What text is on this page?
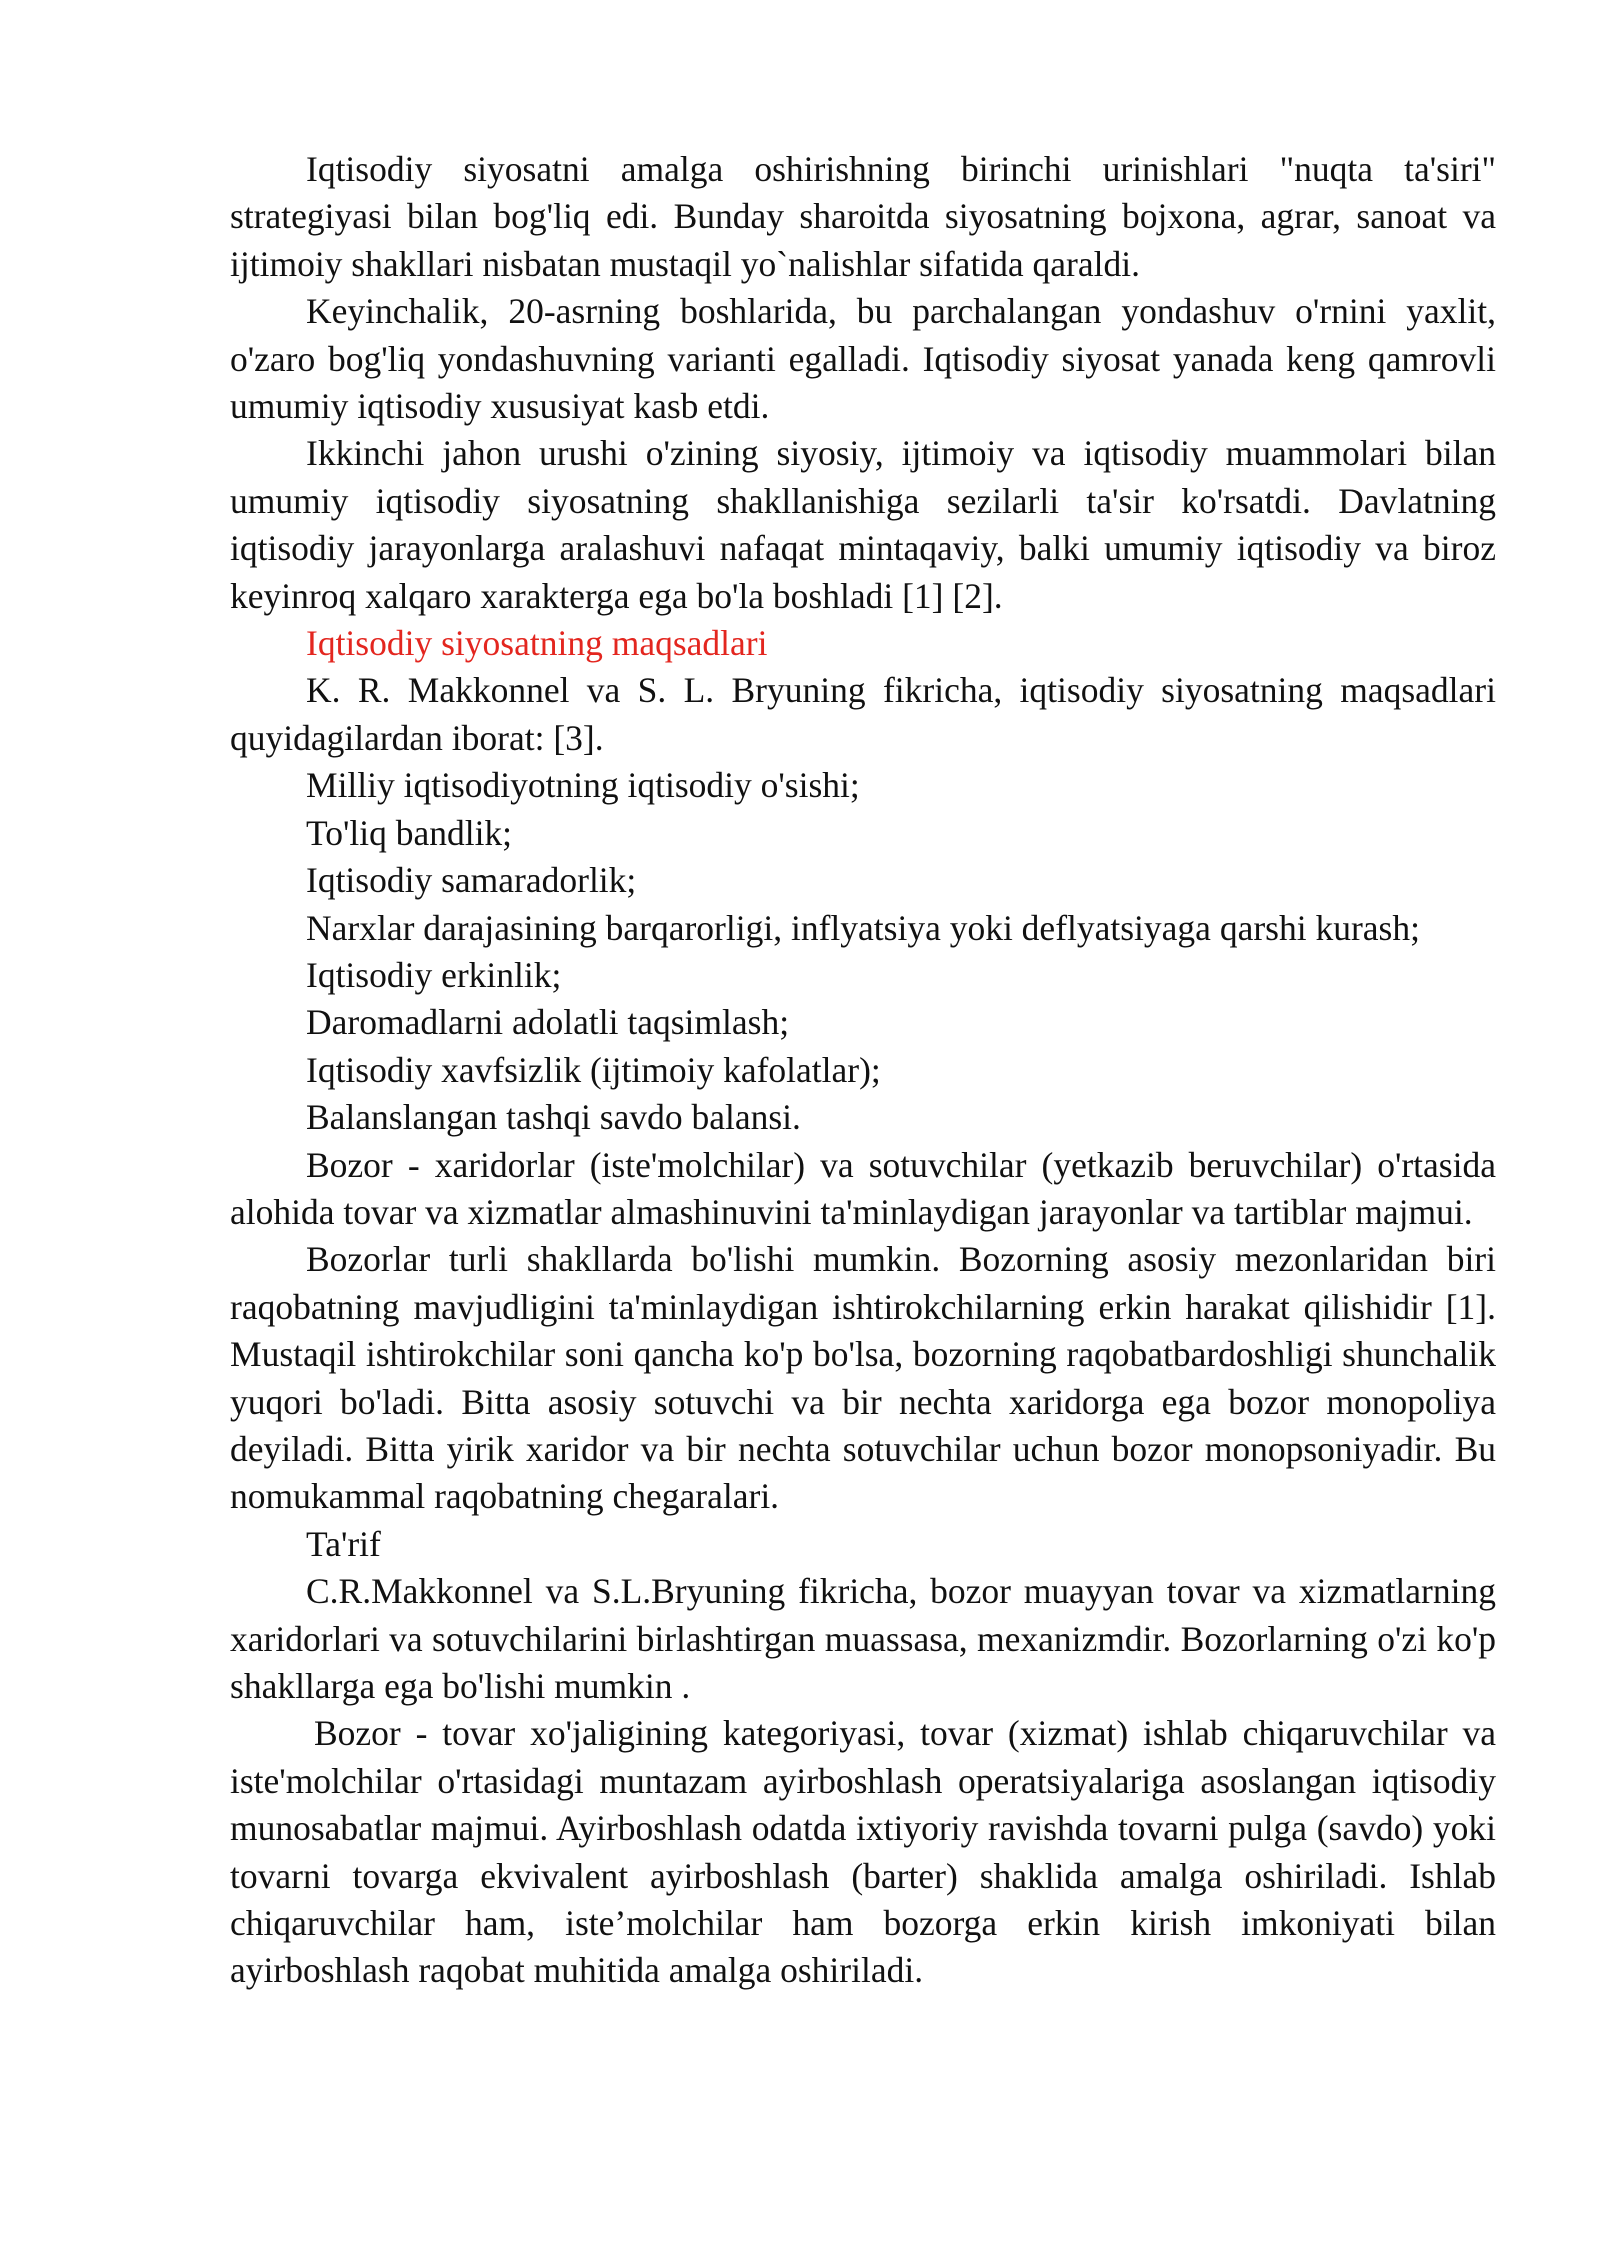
Iqtisodiy siyosatni amalga oshirishning birinchi urinishlari "nuqta ta'siri" strategiyasi bilan bog'liq edi. Bunday sharoitda siyosatning bojxona, agrar, sanoat va ijtimoiy shakllari nisbatan mustaqil yo`nalishlar sifatida qaraldi.

Keyinchalik, 20-asrning boshlarida, bu parchalangan yondashuv o'rnini yaxlit, o'zaro bog'liq yondashuvning varianti egalladi. Iqtisodiy siyosat yanada keng qamrovli umumiy iqtisodiy xususiyat kasb etdi.

Ikkinchi jahon urushi o'zining siyosiy, ijtimoiy va iqtisodiy muammolari bilan umumiy iqtisodiy siyosatning shakllanishiga sezilarli ta'sir ko'rsatdi. Davlatning iqtisodiy jarayonlarga aralashuvi nafaqat mintaqaviy, balki umumiy iqtisodiy va biroz keyinroq xalqaro xarakterga ega bo'la boshladi [1] [2].

Iqtisodiy siyosatning maqsadlari

K. R. Makkonnel va S. L. Bryuning fikricha, iqtisodiy siyosatning maqsadlari quyidagilardan iborat: [3].

Milliy iqtisodiyotning iqtisodiy o'sishi;
To'liq bandlik;
Iqtisodiy samaradorlik;
Narxlar darajasining barqarorligi, inflyatsiya yoki deflyatsiyaga qarshi kurash;
Iqtisodiy erkinlik;
Daromadlarni adolatli taqsimlash;
Iqtisodiy xavfsizlik (ijtimoiy kafolatlar);
Balanslangan tashqi savdo balansi.

Bozor - xaridorlar (iste'molchilar) va sotuvchilar (yetkazib beruvchilar) o'rtasida alohida tovar va xizmatlar almashinuvini ta'minlaydigan jarayonlar va tartiblar majmui.

Bozorlar turli shakllarda bo'lishi mumkin. Bozorning asosiy mezonlaridan biri raqobatning mavjudligini ta'minlaydigan ishtirokchilarning erkin harakat qilishidir [1]. Mustaqil ishtirokchilar soni qancha ko'p bo'lsa, bozorning raqobatbardoshligi shunchalik yuqori bo'ladi. Bitta asosiy sotuvchi va bir nechta xaridorga ega bozor monopoliya deyiladi. Bitta yirik xaridor va bir nechta sotuvchilar uchun bozor monopsoniyadir. Bu nomukammal raqobatning chegaralari.

Ta'rif

C.R.Makkonnel va S.L.Bryuning fikricha, bozor muayyan tovar va xizmatlarning xaridorlari va sotuvchilarini birlashtirgan muassasa, mexanizmdir. Bozorlarning o'zi ko'p shakllarga ega bo'lishi mumkin .

Bozor - tovar xo'jaligining kategoriyasi, tovar (xizmat) ishlab chiqaruvchilar va iste'molchilar o'rtasidagi muntazam ayirboshlash operatsiyalariga asoslangan iqtisodiy munosabatlar majmui. Ayirboshlash odatda ixtiyoriy ravishda tovarni pulga (savdo) yoki tovarni tovarga ekvivalent ayirboshlash (barter) shaklida amalga oshiriladi. Ishlab chiqaruvchilar ham, iste’molchilar ham bozorga erkin kirish imkoniyati bilan ayirboshlash raqobat muhitida amalga oshiriladi.
